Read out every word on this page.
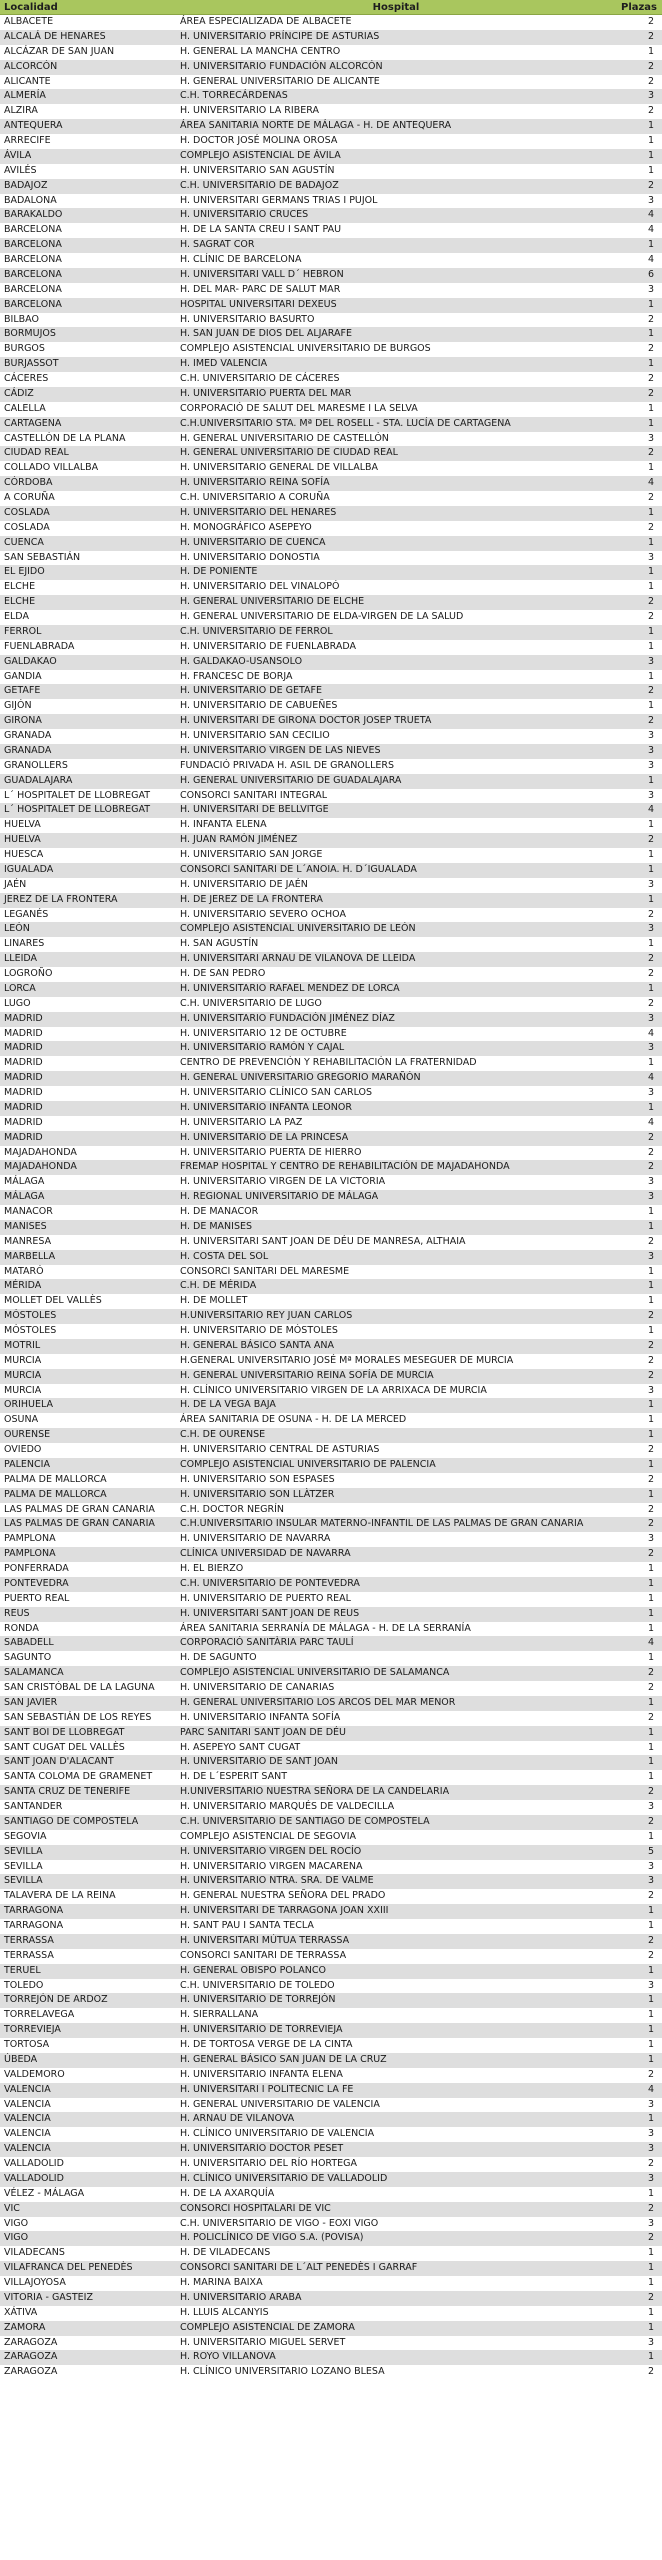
Localidad	Hospital	Plazas
ALBACETE	ÁREA ESPECIALIZADA DE ALBACETE	2
ALCALÁ DE HENARES	H. UNIVERSITARIO PRÍNCIPE DE ASTURIAS	2
ALCÁZAR DE SAN JUAN	H. GENERAL LA MANCHA CENTRO	1
ALCORCÓN	H. UNIVERSITARIO FUNDACIÓN ALCORCÓN	2
ALICANTE	H. GENERAL UNIVERSITARIO DE ALICANTE	2
ALMERÍA	C.H. TORRECÁRDENAS	3
ALZIRA	H. UNIVERSITARIO LA RIBERA	2
ANTEQUERA	ÁREA SANITARIA NORTE DE MÁLAGA - H. DE ANTEQUERA	1
ARRECIFE	H. DOCTOR JOSÉ MOLINA OROSA	1
ÁVILA	COMPLEJO ASISTENCIAL DE ÁVILA	1
AVILÉS	H. UNIVERSITARIO SAN AGUSTÍN	1
BADAJOZ	C.H. UNIVERSITARIO DE BADAJOZ	2
BADALONA	H. UNIVERSITARI GERMANS TRIAS I PUJOL	3
BARAKALDO	H. UNIVERSITARIO CRUCES	4
BARCELONA	H. DE LA SANTA CREU I SANT PAU	4
BARCELONA	H. SAGRAT COR	1
BARCELONA	H. CLÍNIC DE BARCELONA	4
BARCELONA	H. UNIVERSITARI VALL D´ HEBRON	6
BARCELONA	H. DEL MAR- PARC DE SALUT MAR	3
BARCELONA	HOSPITAL UNIVERSITARI DEXEUS	1
BILBAO	H. UNIVERSITARIO BASURTO	2
BORMUJOS	H. SAN JUAN DE DIOS DEL ALJARAFE	1
BURGOS	COMPLEJO ASISTENCIAL UNIVERSITARIO DE BURGOS	2
BURJASSOT	H. IMED VALENCIA	1
CÁCERES	C.H. UNIVERSITARIO DE CÁCERES	2
CÁDIZ	H. UNIVERSITARIO PUERTA DEL MAR	2
CALELLA	CORPORACIÓ DE SALUT DEL MARESME I LA SELVA	1
CARTAGENA	C.H.UNIVERSITARIO STA. Mª DEL ROSELL - STA. LUCÍA DE CARTAGENA	1
CASTELLÓN DE LA PLANA	H. GENERAL UNIVERSITARIO DE CASTELLÓN	3
CIUDAD REAL	H. GENERAL UNIVERSITARIO DE CIUDAD REAL	2
COLLADO VILLALBA	H. UNIVERSITARIO GENERAL DE VILLALBA	1
CÓRDOBA	H. UNIVERSITARIO REINA SOFÍA	4
A CORUÑA	C.H. UNIVERSITARIO A CORUÑA	2
COSLADA	H. UNIVERSITARIO DEL HENARES	1
COSLADA	H. MONOGRÁFICO ASEPEYO	2
CUENCA	H. UNIVERSITARIO DE CUENCA	1
SAN SEBASTIÁN	H. UNIVERSITARIO DONOSTIA	3
EL EJIDO	H. DE PONIENTE	1
ELCHE	H. UNIVERSITARIO DEL VINALOPÓ	1
ELCHE	H. GENERAL UNIVERSITARIO DE ELCHE	2
ELDA	H. GENERAL UNIVERSITARIO DE ELDA-VIRGEN DE LA SALUD	2
FERROL	C.H. UNIVERSITARIO DE FERROL	1
FUENLABRADA	H. UNIVERSITARIO DE FUENLABRADA	1
GALDAKAO	H. GALDAKAO-USANSOLO	3
GANDIA	H. FRANCESC DE BORJA	1
GETAFE	H. UNIVERSITARIO DE GETAFE	2
GIJÓN	H. UNIVERSITARIO DE CABUEÑES	1
GIRONA	H. UNIVERSITARI DE GIRONA DOCTOR JOSEP TRUETA	2
GRANADA	H. UNIVERSITARIO SAN CECILIO	3
GRANADA	H. UNIVERSITARIO VIRGEN DE LAS NIEVES	3
GRANOLLERS	FUNDACIÓ PRIVADA H. ASIL DE GRANOLLERS	3
GUADALAJARA	H. GENERAL UNIVERSITARIO DE GUADALAJARA	1
L´ HOSPITALET DE LLOBREGAT	CONSORCI SANITARI INTEGRAL	3
L´ HOSPITALET DE LLOBREGAT	H. UNIVERSITARI DE BELLVITGE	4
HUELVA	H. INFANTA ELENA	1
HUELVA	H. JUAN RAMÓN JIMÉNEZ	2
HUESCA	H. UNIVERSITARIO SAN JORGE	1
IGUALADA	CONSORCI SANITARI DE L´ANOIA. H. D´IGUALADA	1
JAÉN	H. UNIVERSITARIO DE JAÉN	3
JEREZ DE LA FRONTERA	H. DE JEREZ DE LA FRONTERA	1
LEGANÉS	H. UNIVERSITARIO SEVERO OCHOA	2
LEÓN	COMPLEJO ASISTENCIAL UNIVERSITARIO DE LEÓN	3
LINARES	H. SAN AGUSTÍN	1
LLEIDA	H. UNIVERSITARI ARNAU DE VILANOVA DE LLEIDA	2
LOGROÑO	H. DE SAN PEDRO	2
LORCA	H. UNIVERSITARIO RAFAEL MENDEZ DE LORCA	1
LUGO	C.H. UNIVERSITARIO DE LUGO	2
MADRID	H. UNIVERSITARIO FUNDACIÓN JIMÉNEZ DÍAZ	3
MADRID	H. UNIVERSITARIO 12 DE OCTUBRE	4
MADRID	H. UNIVERSITARIO RAMÓN Y CAJAL	3
MADRID	CENTRO DE PREVENCIÓN Y REHABILITACIÓN LA FRATERNIDAD	1
MADRID	H. GENERAL UNIVERSITARIO GREGORIO MARAÑÓN	4
MADRID	H. UNIVERSITARIO CLÍNICO SAN CARLOS	3
MADRID	H. UNIVERSITARIO INFANTA LEONOR	1
MADRID	H. UNIVERSITARIO LA PAZ	4
MADRID	H. UNIVERSITARIO DE LA PRINCESA	2
MAJADAHONDA	H. UNIVERSITARIO PUERTA DE HIERRO	2
MAJADAHONDA	FREMAP HOSPITAL Y CENTRO DE REHABILITACIÓN DE MAJADAHONDA	2
MÁLAGA	H. UNIVERSITARIO VIRGEN DE LA VICTORIA	3
MÁLAGA	H. REGIONAL UNIVERSITARIO DE MÁLAGA	3
MANACOR	H. DE MANACOR	1
MANISES	H. DE MANISES	1
MANRESA	H. UNIVERSITARI SANT JOAN DE DÉU DE MANRESA, ALTHAIA	2
MARBELLA	H. COSTA DEL SOL	3
MATARÓ	CONSORCI SANITARI DEL MARESME	1
MÉRIDA	C.H. DE MÉRIDA	1
MOLLET DEL VALLÈS	H. DE MOLLET	1
MÓSTOLES	H.UNIVERSITARIO REY JUAN CARLOS	2
MÓSTOLES	H. UNIVERSITARIO DE MÓSTOLES	1
MOTRIL	H. GENERAL BÁSICO SANTA ANA	2
MURCIA	H.GENERAL UNIVERSITARIO JOSÉ Mª MORALES MESEGUER DE MURCIA	2
MURCIA	H. GENERAL UNIVERSITARIO REINA SOFÍA DE MURCIA	2
MURCIA	H. CLÍNICO UNIVERSITARIO VIRGEN DE LA ARRIXACA DE MURCIA	3
ORIHUELA	H. DE LA VEGA BAJA	1
OSUNA	ÁREA SANITARIA DE OSUNA - H. DE LA MERCED	1
OURENSE	C.H. DE OURENSE	1
OVIEDO	H. UNIVERSITARIO CENTRAL DE ASTURIAS	2
PALENCIA	COMPLEJO ASISTENCIAL UNIVERSITARIO DE PALENCIA	1
PALMA DE MALLORCA	H. UNIVERSITARIO SON ESPASES	2
PALMA DE MALLORCA	H. UNIVERSITARIO SON LLÀTZER	1
LAS PALMAS DE GRAN CANARIA	C.H. DOCTOR NEGRÍN	2
LAS PALMAS DE GRAN CANARIA	C.H.UNIVERSITARIO INSULAR MATERNO-INFANTIL DE LAS PALMAS DE GRAN CANARIA	2
PAMPLONA	H. UNIVERSITARIO DE NAVARRA	3
PAMPLONA	CLÍNICA UNIVERSIDAD DE NAVARRA	2
PONFERRADA	H. EL BIERZO	1
PONTEVEDRA	C.H. UNIVERSITARIO DE PONTEVEDRA	1
PUERTO REAL	H. UNIVERSITARIO DE PUERTO REAL	1
REUS	H. UNIVERSITARI SANT JOAN DE REUS	1
RONDA	ÁREA SANITARIA SERRANÍA DE MÁLAGA - H. DE LA SERRANÍA	1
SABADELL	CORPORACIÓ SANITÀRIA PARC TAULÍ	4
SAGUNTO	H. DE SAGUNTO	1
SALAMANCA	COMPLEJO ASISTENCIAL UNIVERSITARIO DE SALAMANCA	2
SAN CRISTÓBAL DE LA LAGUNA	H. UNIVERSITARIO DE CANARIAS	2
SAN JAVIER	H. GENERAL UNIVERSITARIO LOS ARCOS DEL MAR MENOR	1
SAN SEBASTIÁN DE LOS REYES	H. UNIVERSITARIO INFANTA SOFÍA	2
SANT BOI DE LLOBREGAT	PARC SANITARI SANT JOAN DE DÉU	1
SANT CUGAT DEL VALLÈS	H. ASEPEYO SANT CUGAT	1
SANT JOAN D'ALACANT	H. UNIVERSITARIO DE SANT JOAN	1
SANTA COLOMA DE GRAMENET	H. DE L´ESPERIT SANT	1
SANTA CRUZ DE TENERIFE	H.UNIVERSITARIO NUESTRA SEÑORA DE LA CANDELARIA	2
SANTANDER	H. UNIVERSITARIO MARQUÉS DE VALDECILLA	3
SANTIAGO DE COMPOSTELA	C.H. UNIVERSITARIO DE SANTIAGO DE COMPOSTELA	2
SEGOVIA	COMPLEJO ASISTENCIAL DE SEGOVIA	1
SEVILLA	H. UNIVERSITARIO VIRGEN DEL ROCÍO	5
SEVILLA	H. UNIVERSITARIO VIRGEN MACARENA	3
SEVILLA	H. UNIVERSITARIO NTRA. SRA. DE VALME	3
TALAVERA DE LA REINA	H. GENERAL NUESTRA SEÑORA DEL PRADO	2
TARRAGONA	H. UNIVERSITARI DE TARRAGONA JOAN XXIII	1
TARRAGONA	H. SANT PAU I SANTA TECLA	1
TERRASSA	H. UNIVERSITARI MÚTUA TERRASSA	2
TERRASSA	CONSORCI SANITARI DE TERRASSA	2
TERUEL	H. GENERAL OBISPO POLANCO	1
TOLEDO	C.H. UNIVERSITARIO DE TOLEDO	3
TORREJÓN DE ARDOZ	H. UNIVERSITARIO DE TORREJÓN	1
TORRELAVEGA	H. SIERRALLANA	1
TORREVIEJA	H. UNIVERSITARIO DE TORREVIEJA	1
TORTOSA	H. DE TORTOSA VERGE DE LA CINTA	1
ÚBEDA	H. GENERAL BÁSICO SAN JUAN DE LA CRUZ	1
VALDEMORO	H. UNIVERSITARIO INFANTA ELENA	2
VALENCIA	H. UNIVERSITARI I POLITECNIC LA FE	4
VALENCIA	H. GENERAL UNIVERSITARIO DE VALENCIA	3
VALENCIA	H. ARNAU DE VILANOVA	1
VALENCIA	H. CLÍNICO UNIVERSITARIO DE VALENCIA	3
VALENCIA	H. UNIVERSITARIO DOCTOR PESET	3
VALLADOLID	H. UNIVERSITARIO DEL RÍO HORTEGA	2
VALLADOLID	H. CLÍNICO UNIVERSITARIO DE VALLADOLID	3
VÉLEZ - MÁLAGA	H. DE LA AXARQUÍA	1
VIC	CONSORCI HOSPITALARI DE VIC	2
VIGO	C.H. UNIVERSITARIO DE VIGO - EOXI VIGO	3
VIGO	H. POLICLÍNICO DE VIGO S.A. (POVISA)	2
VILADECANS	H. DE VILADECANS	1
VILAFRANCA DEL PENEDÈS	CONSORCI SANITARI DE L´ALT PENEDÈS I GARRAF	1
VILLAJOYOSA	H. MARINA BAIXA	1
VITORIA - GASTEIZ	H. UNIVERSITARIO ARABA	2
XÁTIVA	H. LLUIS ALCANYIS	1
ZAMORA	COMPLEJO ASISTENCIAL DE ZAMORA	1
ZARAGOZA	H. UNIVERSITARIO MIGUEL SERVET	3
ZARAGOZA	H. ROYO VILLANOVA	1
ZARAGOZA	H. CLÍNICO UNIVERSITARIO LOZANO BLESA	2
